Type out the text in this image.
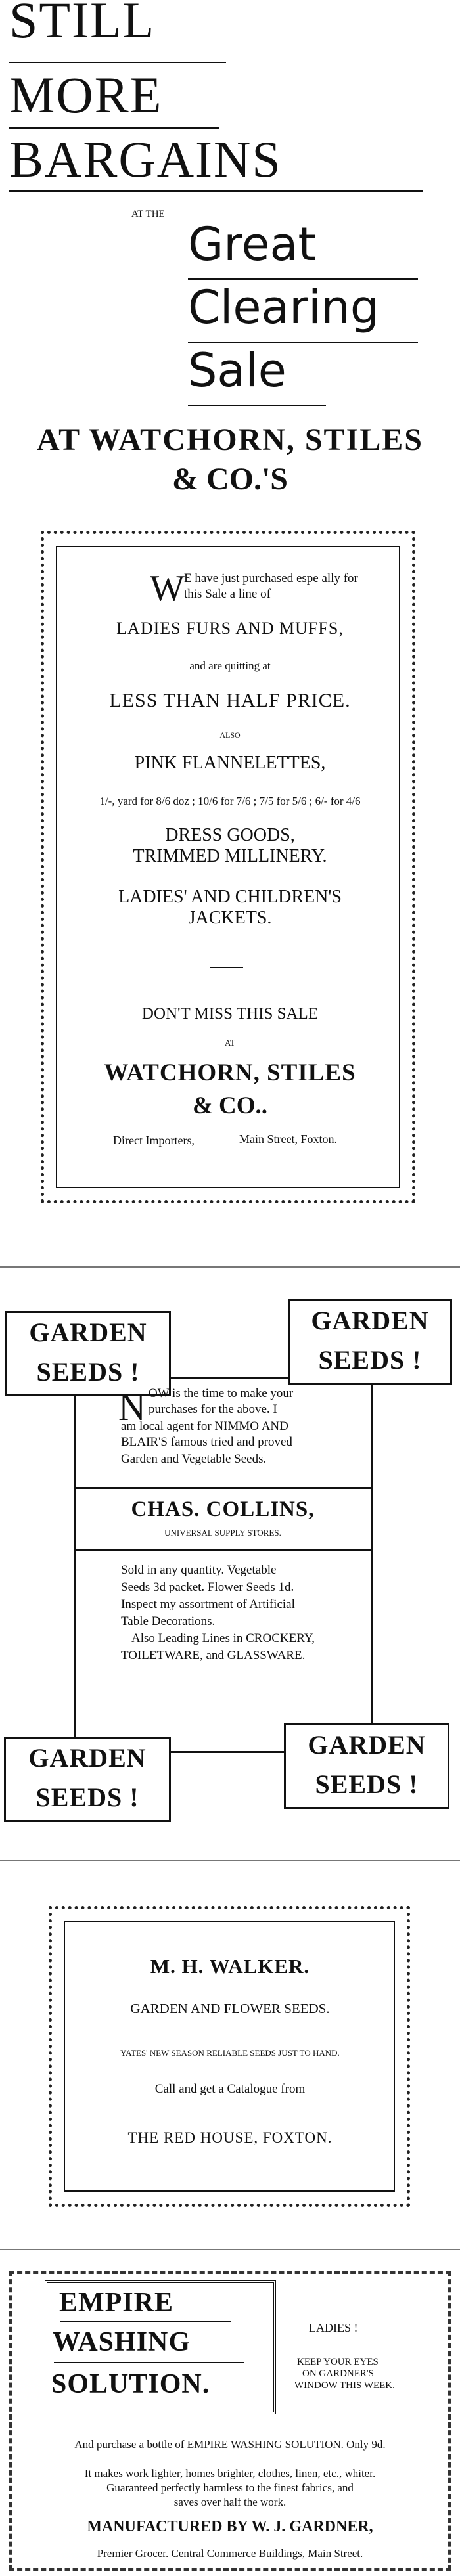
STILL
MORE
BARGAINS
AT THE
Great
Clearing
Sale
AT WATCHORN, STILES
& CO.'S
W E have just purchased espe ally for
this Sale a line of
LADIES FURS AND MUFFS,
and are quitting at
LESS THAN HALF PRICE.
ALSO
PINK FLANNELETTES,
1/-, yard for 8/6 doz ; 10/6 for 7/6 ; 7/5 for 5/6 ; 6/- for 4/6
DRESS GOODS,
TRIMMED MILLINERY.
LADIES' AND CHILDREN'S
JACKETS.
DON'T MISS THIS SALE
AT
WATCHORN, STILES
& CO..
Direct Importers,	Main Street, Foxton.
GARDEN
SEEDS !
GARDEN
SEEDS !
GARDEN
SEEDS !
GARDEN
SEEDS !
N OW is the time to make your
purchases for the above. I
am local agent for NIMMO AND
BLAIR'S famous tried and proved
Garden and Vegetable Seeds.
CHAS. COLLINS,
UNIVERSAL SUPPLY STORES.
Sold in any quantity. Vegetable
Seeds 3d packet. Flower Seeds 1d.
Inspect my assortment of Artificial
Table Decorations.
Also Leading Lines in CROCKERY,
TOILETWARE, and GLASSWARE.
M. H. WALKER.
GARDEN AND FLOWER SEEDS.
YATES' NEW SEASON RELIABLE SEEDS JUST TO HAND.
Call and get a Catalogue from
THE RED HOUSE, FOXTON.
EMPIRE
WASHING
SOLUTION.
LADIES !
KEEP YOUR EYES
ON GARDNER'S
WINDOW THIS WEEK.
And purchase a bottle of EMPIRE WASHING SOLUTION. Only 9d.
It makes work lighter, homes brighter, clothes, linen, etc., whiter.
Guaranteed perfectly harmless to the finest fabrics, and
saves over half the work.
MANUFACTURED BY W. J. GARDNER,
Premier Grocer. Central Commerce Buildings, Main Street.
